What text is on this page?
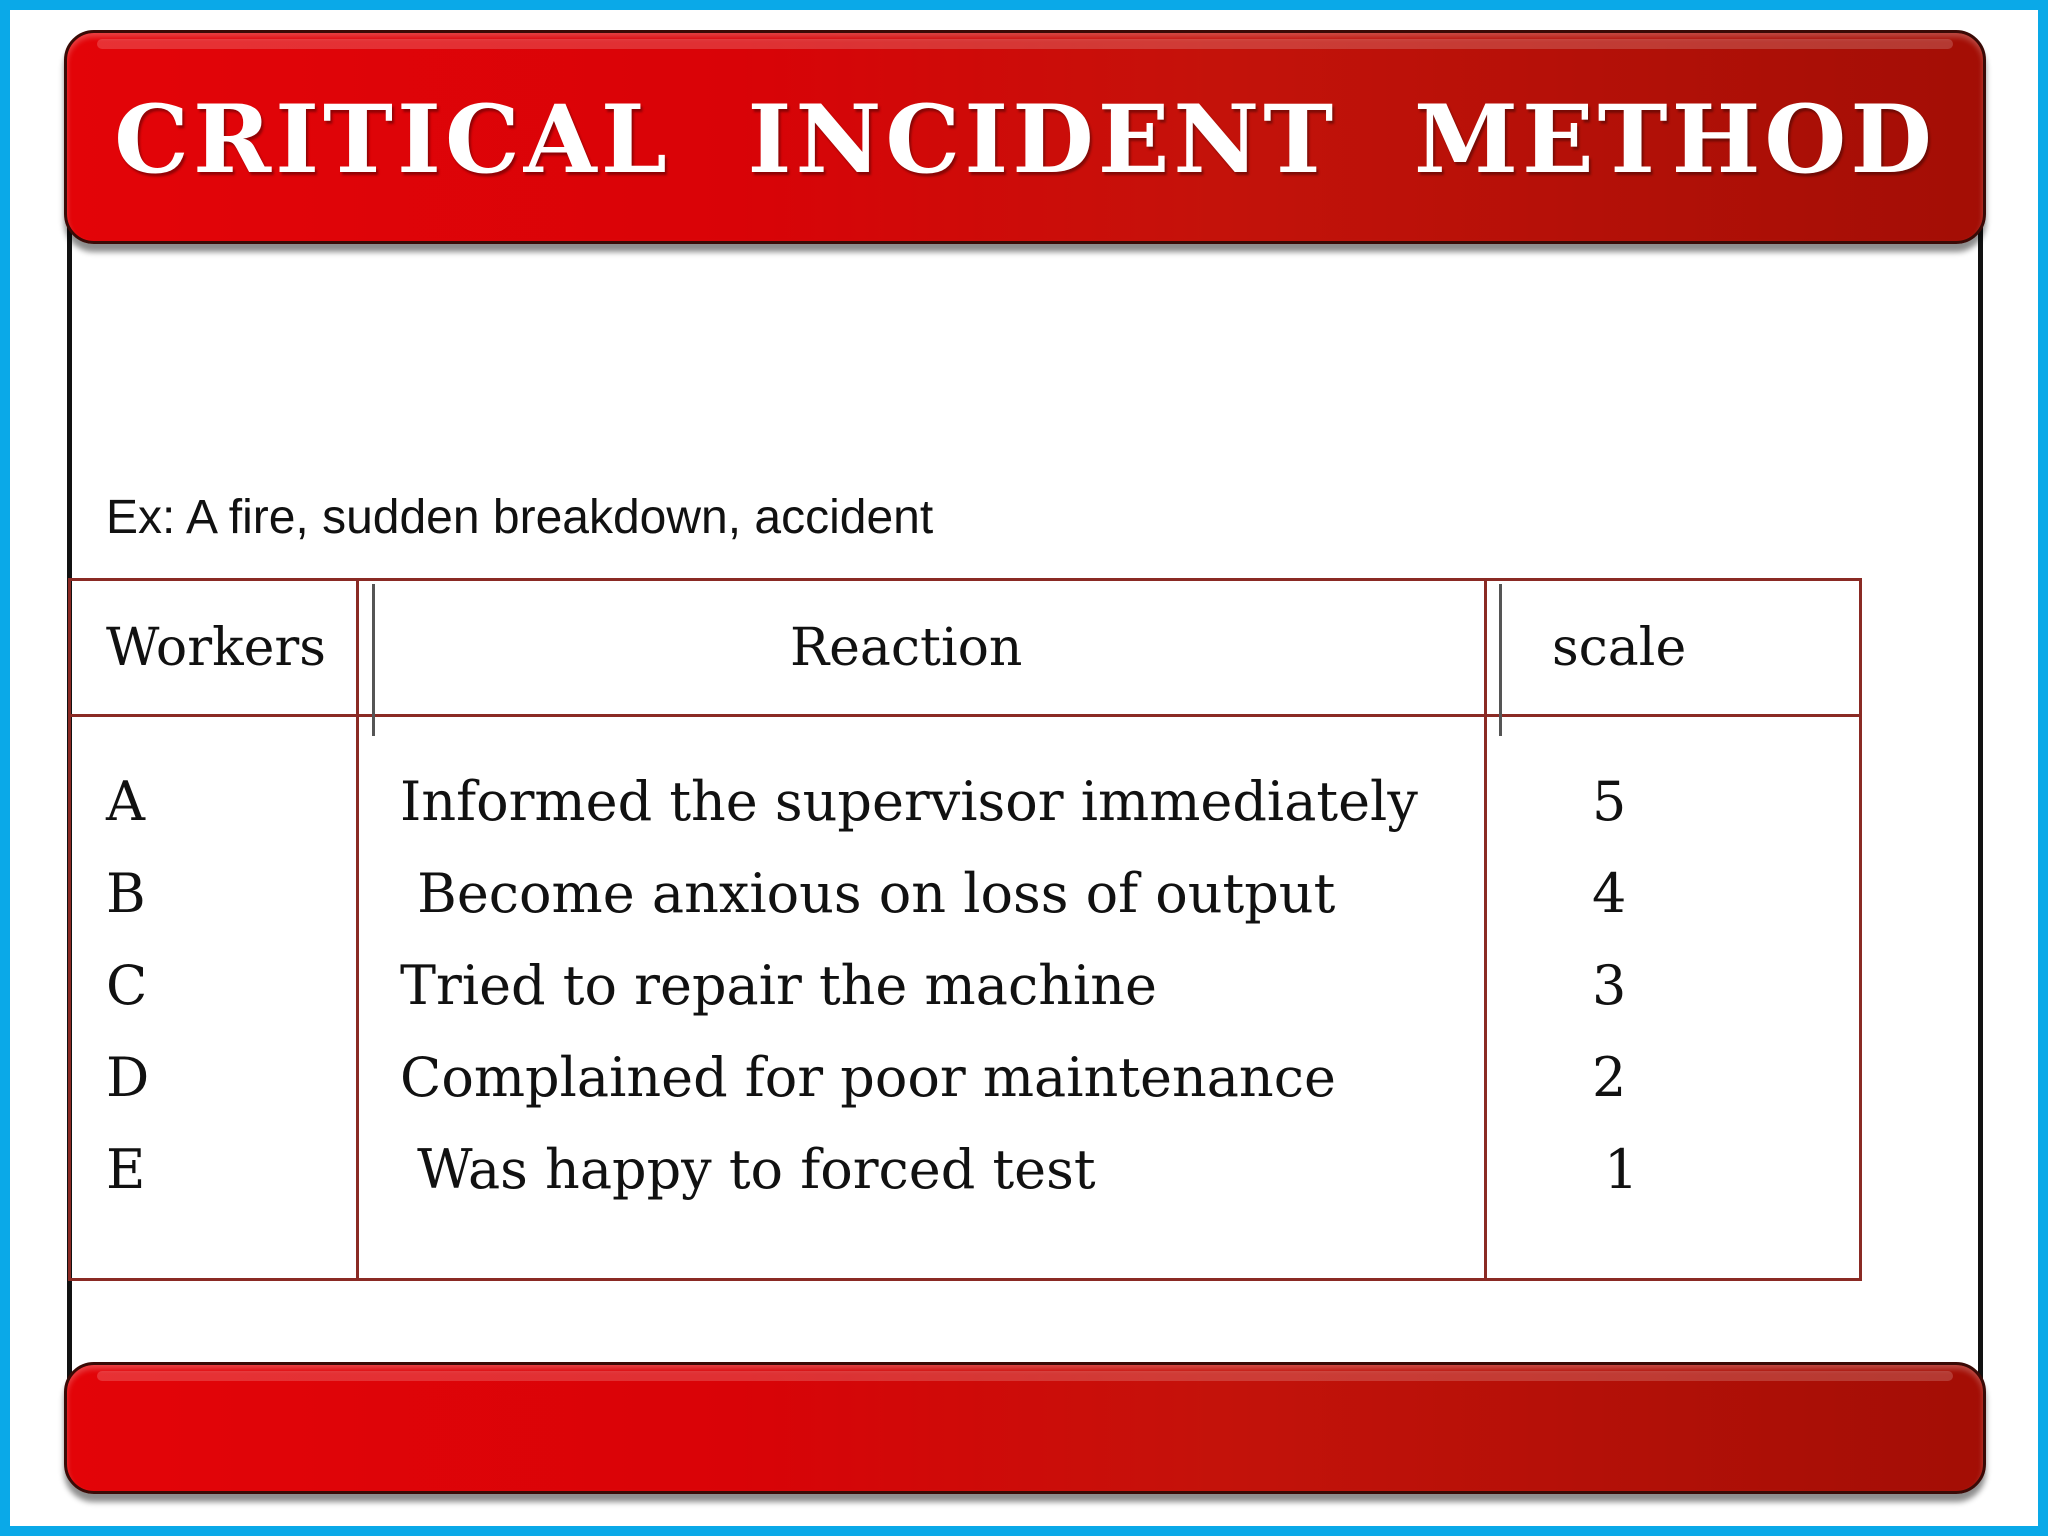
CRITICAL INCIDENT METHOD
Ex: A fire, sudden breakdown, accident
Workers	Reaction	scale
A	Informed the supervisor immediately	5
B	Become anxious on loss of output	4
C	Tried to repair the machine	3
D	Complained for poor maintenance	2
E	Was happy to forced test	1
